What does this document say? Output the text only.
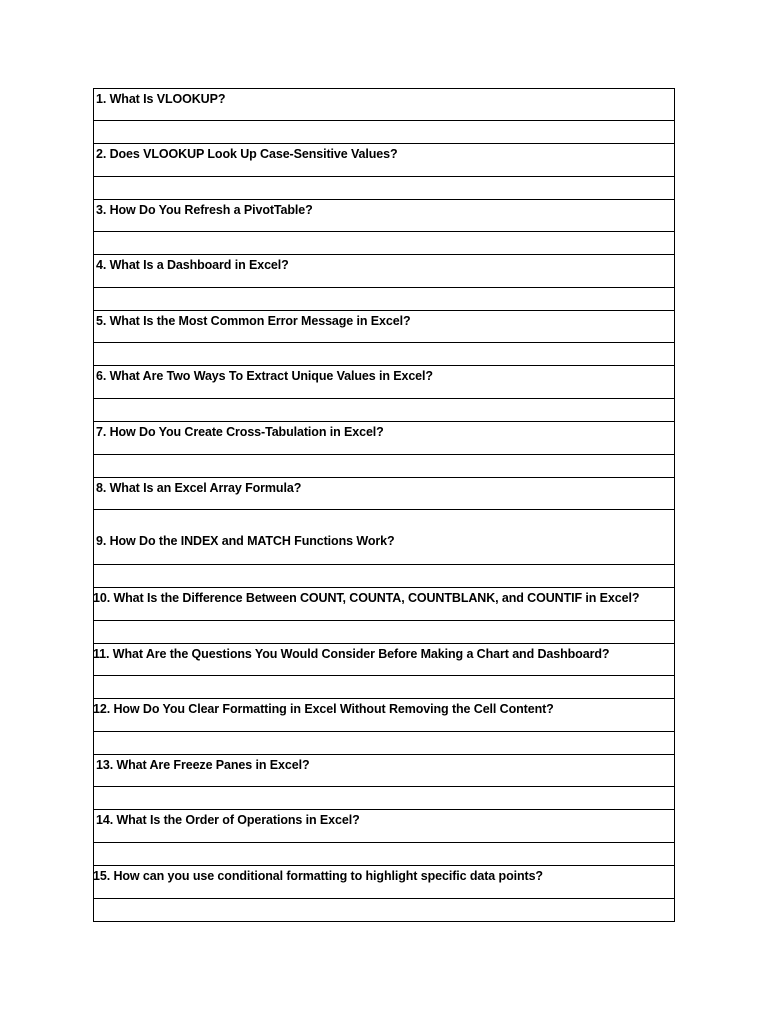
1. What Is VLOOKUP?
2. Does VLOOKUP Look Up Case-Sensitive Values?
3. How Do You Refresh a PivotTable?
4. What Is a Dashboard in Excel?
5. What Is the Most Common Error Message in Excel?
6. What Are Two Ways To Extract Unique Values in Excel?
7. How Do You Create Cross-Tabulation in Excel?
8. What Is an Excel Array Formula?
9. How Do the INDEX and MATCH Functions Work?
10. What Is the Difference Between COUNT, COUNTA, COUNTBLANK, and COUNTIF in Excel?
11. What Are the Questions You Would Consider Before Making a Chart and Dashboard?
12. How Do You Clear Formatting in Excel Without Removing the Cell Content?
13. What Are Freeze Panes in Excel?
14. What Is the Order of Operations in Excel?
15. How can you use conditional formatting to highlight specific data points?
